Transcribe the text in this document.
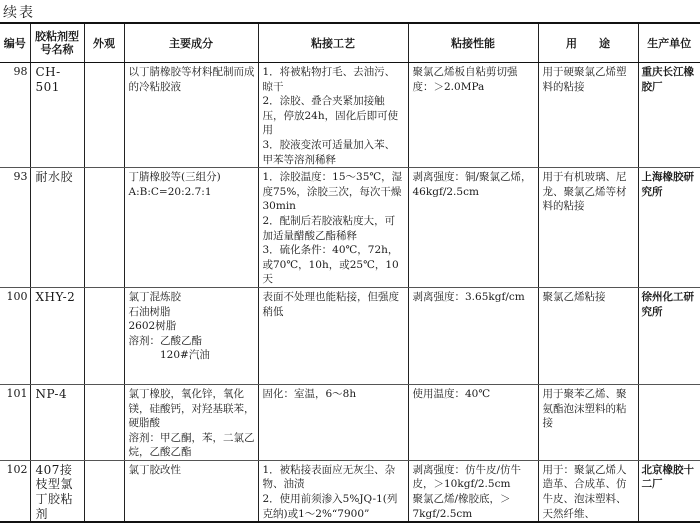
续表
编号	胶粘剂型号名称	外观	主要成分	粘接工艺	粘接性能	用　　途	生产单位
98	CH-501		以丁腈橡胶等材料配制而成的冷粘胶液	1．将被粘物打毛、去油污、晾干
2．涂胶、叠合夹紧加接触压，停放24h，固化后即可使用
3．胶液变浓可适量加入苯、甲苯等溶剂稀释	聚氯乙烯板自粘剪切强度：＞2.0MPa	用于硬聚氯乙烯塑料的粘接	重庆长江橡胶厂
93	耐水胶		丁腈橡胶等(三组分)
A:B:C=20:2.7:1	1．涂胶温度：15～35℃，湿度75%，涂胶三次，每次干燥30min
2．配制后若胶液粘度大，可加适量醋酸乙酯稀释
3．硫化条件：40℃，72h，或70℃，10h，或25℃，10天	剥离强度：铜/聚氯乙烯，46kgf/2.5cm	用于有机玻璃、尼龙、聚氯乙烯等材料的粘接	上海橡胶研究所
100	XHY-2		氯丁混炼胶
石油树脂
2602树脂
溶剂：乙酸乙酯
　　　120#汽油	表面不处理也能粘接，但强度稍低	剥离强度：3.65kgf/cm	聚氯乙烯粘接	徐州化工研究所
101	NP-4		氯丁橡胶，氧化锌，氧化镁，硅酸钙，对羟基联苯，硬脂酸
溶剂：甲乙酮，苯，二氯乙烷，乙酸乙酯	固化：室温，6～8h	使用温度：40℃	用于聚苯乙烯、聚氨酯泡沫塑料的粘接	
102	407接枝型氯丁胶粘剂		氯丁胶改性	1．被粘接表面应无灰尘、杂物、油渍
2．使用前须渗入5%JQ-1(列克纳)或1～2%“7900”	剥离强度：仿牛皮/仿牛皮，＞10kgf/2.5cm
聚氯乙烯/橡胶底，＞7kgf/2.5cm	用于：聚氯乙烯人造革、合成革、仿牛皮、泡沫塑料、天然纤维、	北京橡胶十二厂
